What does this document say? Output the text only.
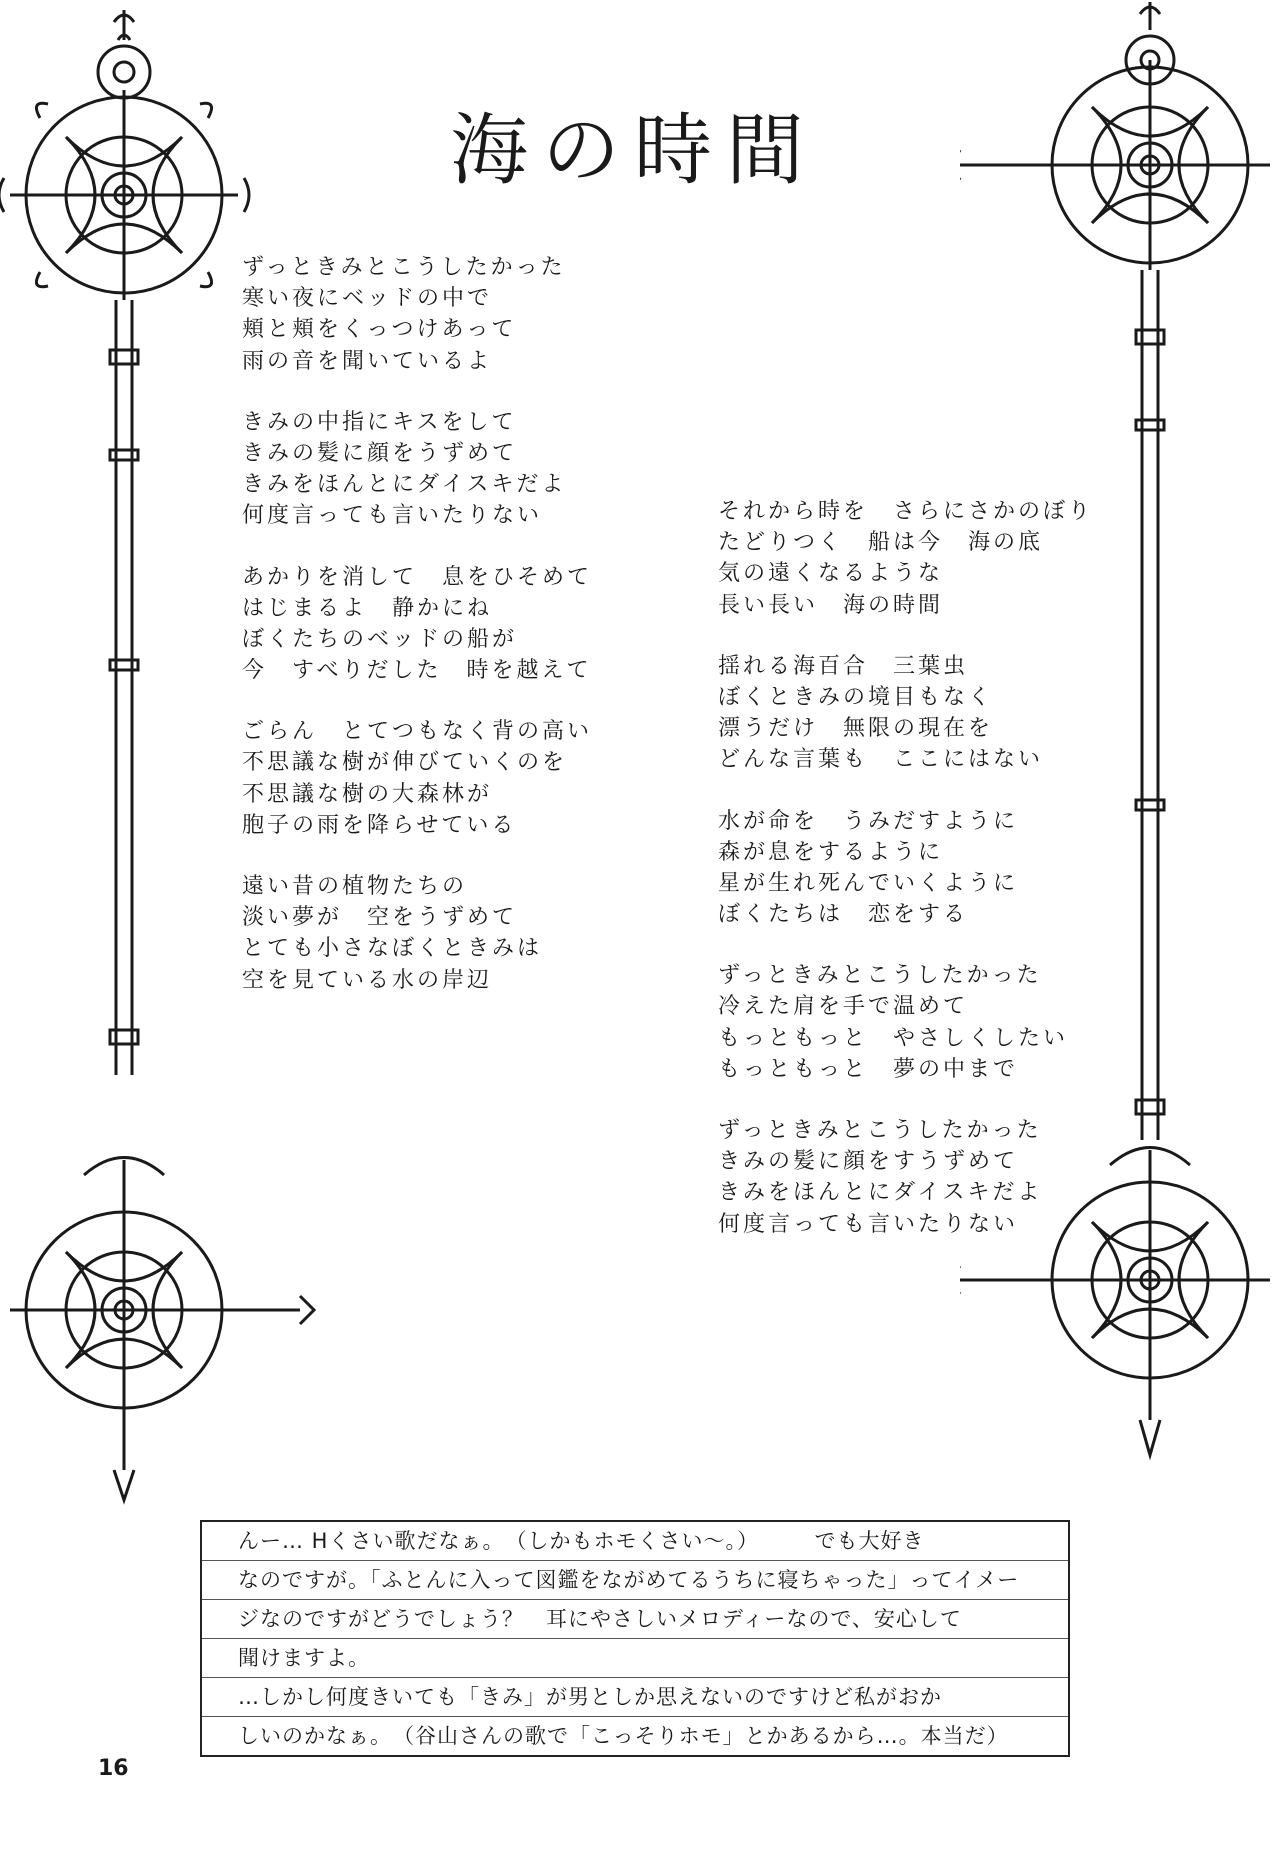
海の時間
ずっときみとこうしたかった
寒い夜にベッドの中で
頬と頬をくっつけあって
雨の音を聞いているよ
きみの中指にキスをして
きみの髪に顔をうずめて
きみをほんとにダイスキだよ
何度言っても言いたりない
あかりを消して　息をひそめて
はじまるよ　静かにね
ぼくたちのベッドの船が
今　すべりだした　時を越えて
ごらん　とてつもなく背の高い
不思議な樹が伸びていくのを
不思議な樹の大森林が
胞子の雨を降らせている
遠い昔の植物たちの
淡い夢が　空をうずめて
とても小さなぼくときみは
空を見ている水の岸辺
それから時を　さらにさかのぼり
たどりつく　船は今　海の底
気の遠くなるような
長い長い　海の時間
揺れる海百合　三葉虫
ぼくときみの境目もなく
漂うだけ　無限の現在を
どんな言葉も　ここにはない
水が命を　うみだすように
森が息をするように
星が生れ死んでいくように
ぼくたちは　恋をする
ずっときみとこうしたかった
冷えた肩を手で温めて
もっともっと　やさしくしたい
もっともっと　夢の中まで
ずっときみとこうしたかった
きみの髪に顔をすうずめて
きみをほんとにダイスキだよ
何度言っても言いたりない
んー… Hくさい歌だなぁ。　（しかもホモくさい〜。）　　　でも大好き
なのですが。「ふとんに入って図鑑をながめてるうちに寝ちゃった」ってイメー
ジなのですがどうでしょう？　耳にやさしいメロディーなので、安心して
聞けますよ。
…しかし何度きいても「きみ」が男としか思えないのですけど私がおか
しいのかなぁ。　（谷山さんの歌で「こっそりホモ」とかあるから…。本当だ）
16
